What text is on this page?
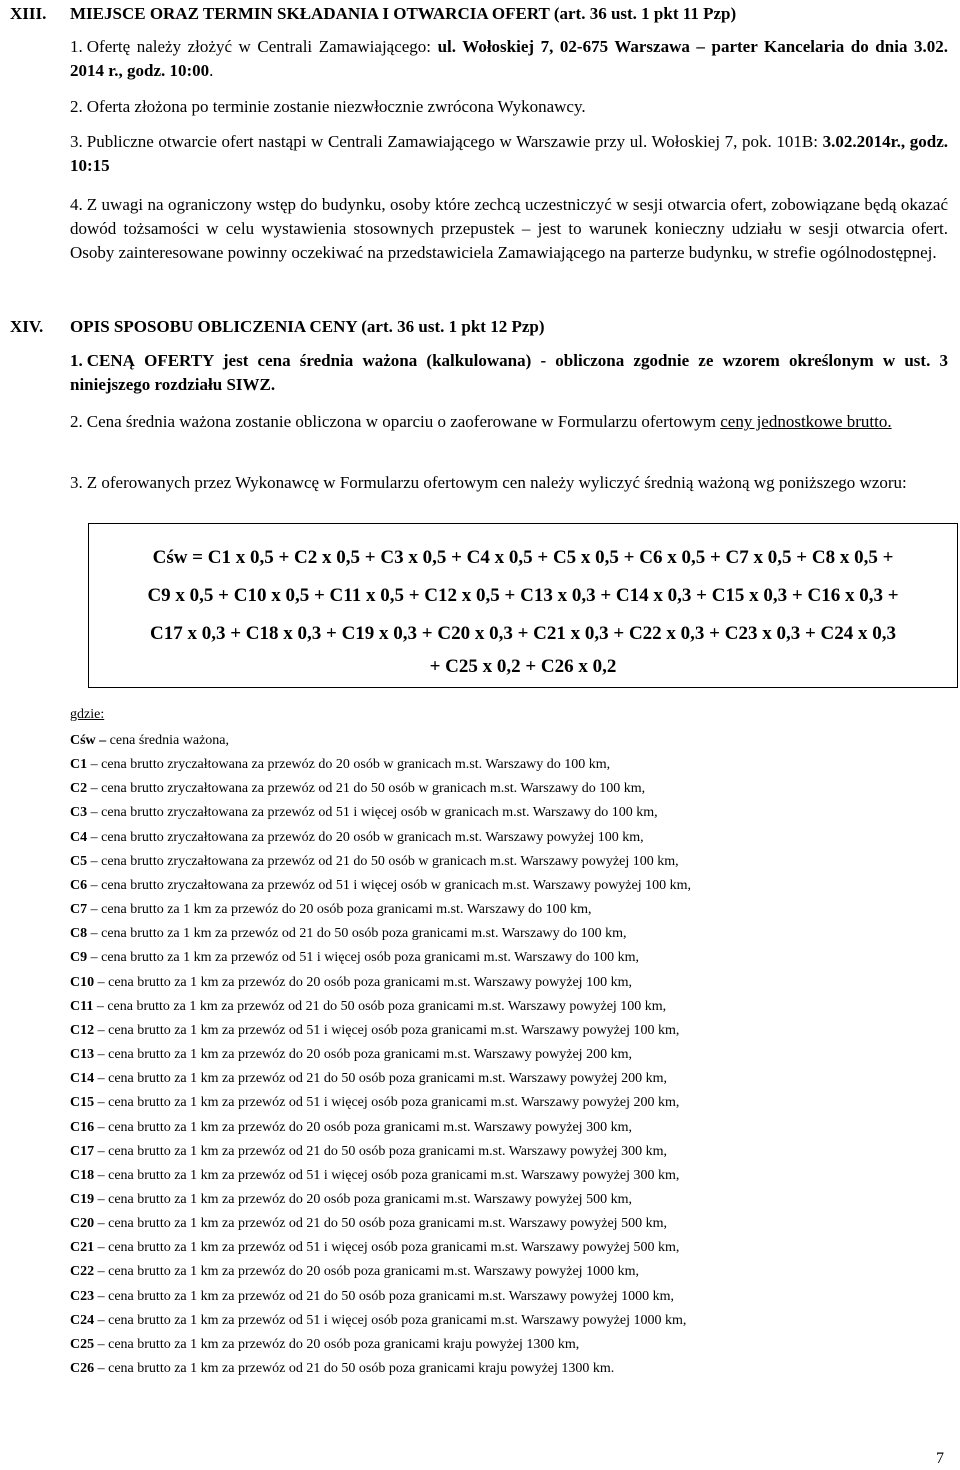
XIII. MIEJSCE ORAZ TERMIN SKŁADANIA I OTWARCIA OFERT (art. 36 ust. 1 pkt 11 Pzp)
1. Ofertę należy złożyć w Centrali Zamawiającego: ul. Wołoskiej 7, 02-675 Warszawa – parter Kancelaria do dnia 3.02. 2014 r., godz. 10:00.
2. Oferta złożona po terminie zostanie niezwłocznie zwrócona Wykonawcy.
3. Publiczne otwarcie ofert nastąpi w Centrali Zamawiającego w Warszawie przy ul. Wołoskiej 7, pok. 101B: 3.02.2014r., godz. 10:15
4. Z uwagi na ograniczony wstęp do budynku, osoby które zechcą uczestniczyć w sesji otwarcia ofert, zobowiązane będą okazać dowód tożsamości w celu wystawienia stosownych przepustek – jest to warunek konieczny udziału w sesji otwarcia ofert. Osoby zainteresowane powinny oczekiwać na przedstawiciela Zamawiającego na parterze budynku, w strefie ogólnodostępnej.
XIV. OPIS SPOSOBU OBLICZENIA CENY (art. 36 ust. 1 pkt 12 Pzp)
1. CENĄ OFERTY jest cena średnia ważona (kalkulowana) - obliczona zgodnie ze wzorem określonym w ust. 3 niniejszego rozdziału SIWZ.
2. Cena średnia ważona zostanie obliczona w oparciu o zaoferowane w Formularzu ofertowym ceny jednostkowe brutto.
3. Z oferowanych przez Wykonawcę w Formularzu ofertowym cen należy wyliczyć średnią ważoną wg poniższego wzoru:
Cśw = C1 x 0,5 + C2 x 0,5 + C3 x 0,5 + C4 x 0,5 + C5 x 0,5 + C6 x 0,5 + C7 x 0,5 + C8 x 0,5 +
C9 x 0,5 + C10 x 0,5 + C11 x 0,5 + C12 x 0,5 + C13 x 0,3 + C14 x 0,3 + C15 x 0,3 + C16 x 0,3 +
C17 x 0,3 + C18 x 0,3 + C19 x 0,3 + C20 x 0,3 + C21 x 0,3 + C22 x 0,3 + C23 x 0,3 + C24 x 0,3
+ C25 x 0,2 + C26 x 0,2
gdzie:
Cśw – cena średnia ważona,
C1 – cena brutto zryczałtowana za przewóz do 20 osób w granicach m.st. Warszawy do 100 km,
C2 – cena brutto zryczałtowana za przewóz od 21 do 50 osób w granicach m.st. Warszawy do 100 km,
C3 – cena brutto zryczałtowana za przewóz od 51 i więcej osób w granicach m.st. Warszawy do 100 km,
C4 – cena brutto zryczałtowana za przewóz do 20 osób w granicach m.st. Warszawy powyżej 100 km,
C5 – cena brutto zryczałtowana za przewóz od 21 do 50 osób w granicach m.st. Warszawy powyżej 100 km,
C6 – cena brutto zryczałtowana za przewóz od 51 i więcej osób w granicach m.st. Warszawy powyżej 100 km,
C7 – cena brutto za 1 km za przewóz do 20 osób poza granicami m.st. Warszawy do 100 km,
C8 – cena brutto za 1 km za przewóz od 21 do 50 osób poza granicami m.st. Warszawy do 100 km,
C9 – cena brutto za 1 km za przewóz od 51 i więcej osób poza granicami m.st. Warszawy do 100 km,
C10 – cena brutto za 1 km za przewóz do 20 osób poza granicami m.st. Warszawy powyżej 100 km,
C11 – cena brutto za 1 km za przewóz od 21 do 50 osób poza granicami m.st. Warszawy powyżej 100 km,
C12 – cena brutto za 1 km za przewóz od 51 i więcej osób poza granicami m.st. Warszawy powyżej 100 km,
C13 – cena brutto za 1 km za przewóz do 20 osób poza granicami m.st. Warszawy powyżej 200 km,
C14 – cena brutto za 1 km za przewóz od 21 do 50 osób poza granicami m.st. Warszawy powyżej 200 km,
C15 – cena brutto za 1 km za przewóz od 51 i więcej osób poza granicami m.st. Warszawy powyżej 200 km,
C16 – cena brutto za 1 km za przewóz do 20 osób poza granicami m.st. Warszawy powyżej 300 km,
C17 – cena brutto za 1 km za przewóz od 21 do 50 osób poza granicami m.st. Warszawy powyżej 300 km,
C18 – cena brutto za 1 km za przewóz od 51 i więcej osób poza granicami m.st. Warszawy powyżej 300 km,
C19 – cena brutto za 1 km za przewóz do 20 osób poza granicami m.st. Warszawy powyżej 500 km,
C20 – cena brutto za 1 km za przewóz od 21 do 50 osób poza granicami m.st. Warszawy powyżej 500 km,
C21 – cena brutto za 1 km za przewóz od 51 i więcej osób poza granicami m.st. Warszawy powyżej 500 km,
C22 – cena brutto za 1 km za przewóz do 20 osób poza granicami m.st. Warszawy powyżej 1000 km,
C23 – cena brutto za 1 km za przewóz od 21 do 50 osób poza granicami m.st. Warszawy powyżej 1000 km,
C24 – cena brutto za 1 km za przewóz od 51 i więcej osób poza granicami m.st. Warszawy powyżej 1000 km,
C25 – cena brutto za 1 km za przewóz do 20 osób poza granicami kraju powyżej 1300 km,
C26 – cena brutto za 1 km za przewóz od 21 do 50 osób poza granicami kraju powyżej 1300 km.
7
